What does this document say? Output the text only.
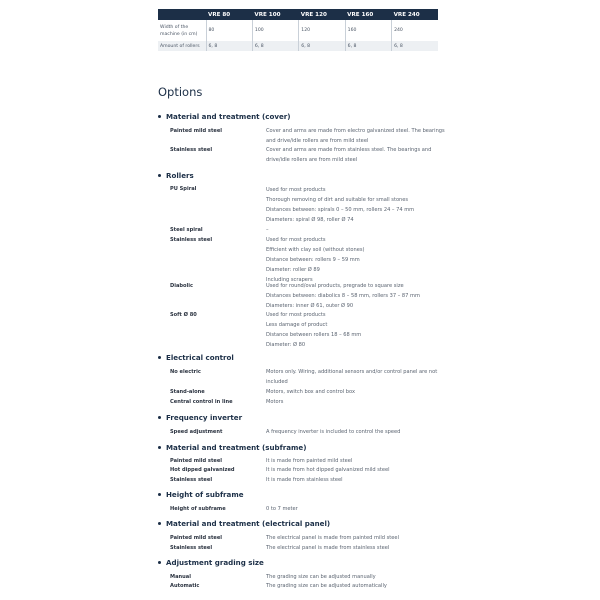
	VRE 80	VRE 100	VRE 120	VRE 160	VRE 240
Width of the machine (in cm)	80	100	120	160	240
Amount of rollers	6, 8	6, 8	6, 8	6, 8	6, 8
Options
Material and treatment (cover)
Painted mild steel	Cover and arms are made from electro galvanized steel. The bearings
and drive/idle rollers are from mild steel
Stainless steel	Cover and arms are made from stainless steel. The bearings and
drive/idle rollers are from mild steel
Rollers
PU Spiral	Used for most products
Thorough removing of dirt and suitable for small stones
Distances between: spirals 0 – 50 mm, rollers 24 – 74 mm
Diameters: spiral Ø 98, roller Ø 74
Steel spiral	–
Stainless steel	Used for most products
Efficient with clay soil (without stones)
Distance between: rollers 9 – 59 mm
Diameter: roller Ø 89
Including scrapers
Diabolic	Used for round/oval products, pregrade to square size
Distances between: diabolics 8 – 58 mm, rollers 37 – 87 mm
Diameters: inner Ø 61, outer Ø 90
Soft Ø 80	Used for most products
Less damage of product
Distance between rollers 18 – 68 mm
Diameter: Ø 80
Electrical control
No electric	Motors only. Wiring, additional sensors and/or control panel are not
included
Stand-alone	Motors, switch box and control box
Central control in line	Motors
Frequency inverter
Speed adjustment	A frequency inverter is included to control the speed
Material and treatment (subframe)
Painted mild steel	It is made from painted mild steel
Hot dipped galvanized	It is made from hot dipped galvanized mild steel
Stainless steel	It is made from stainless steel
Height of subframe
Height of subframe	0 to 7 meter
Material and treatment (electrical panel)
Painted mild steel	The electrical panel is made from painted mild steel
Stainless steel	The electrical panel is made from stainless steel
Adjustment grading size
Manual	The grading size can be adjusted manually
Automatic	The grading size can be adjusted automatically
